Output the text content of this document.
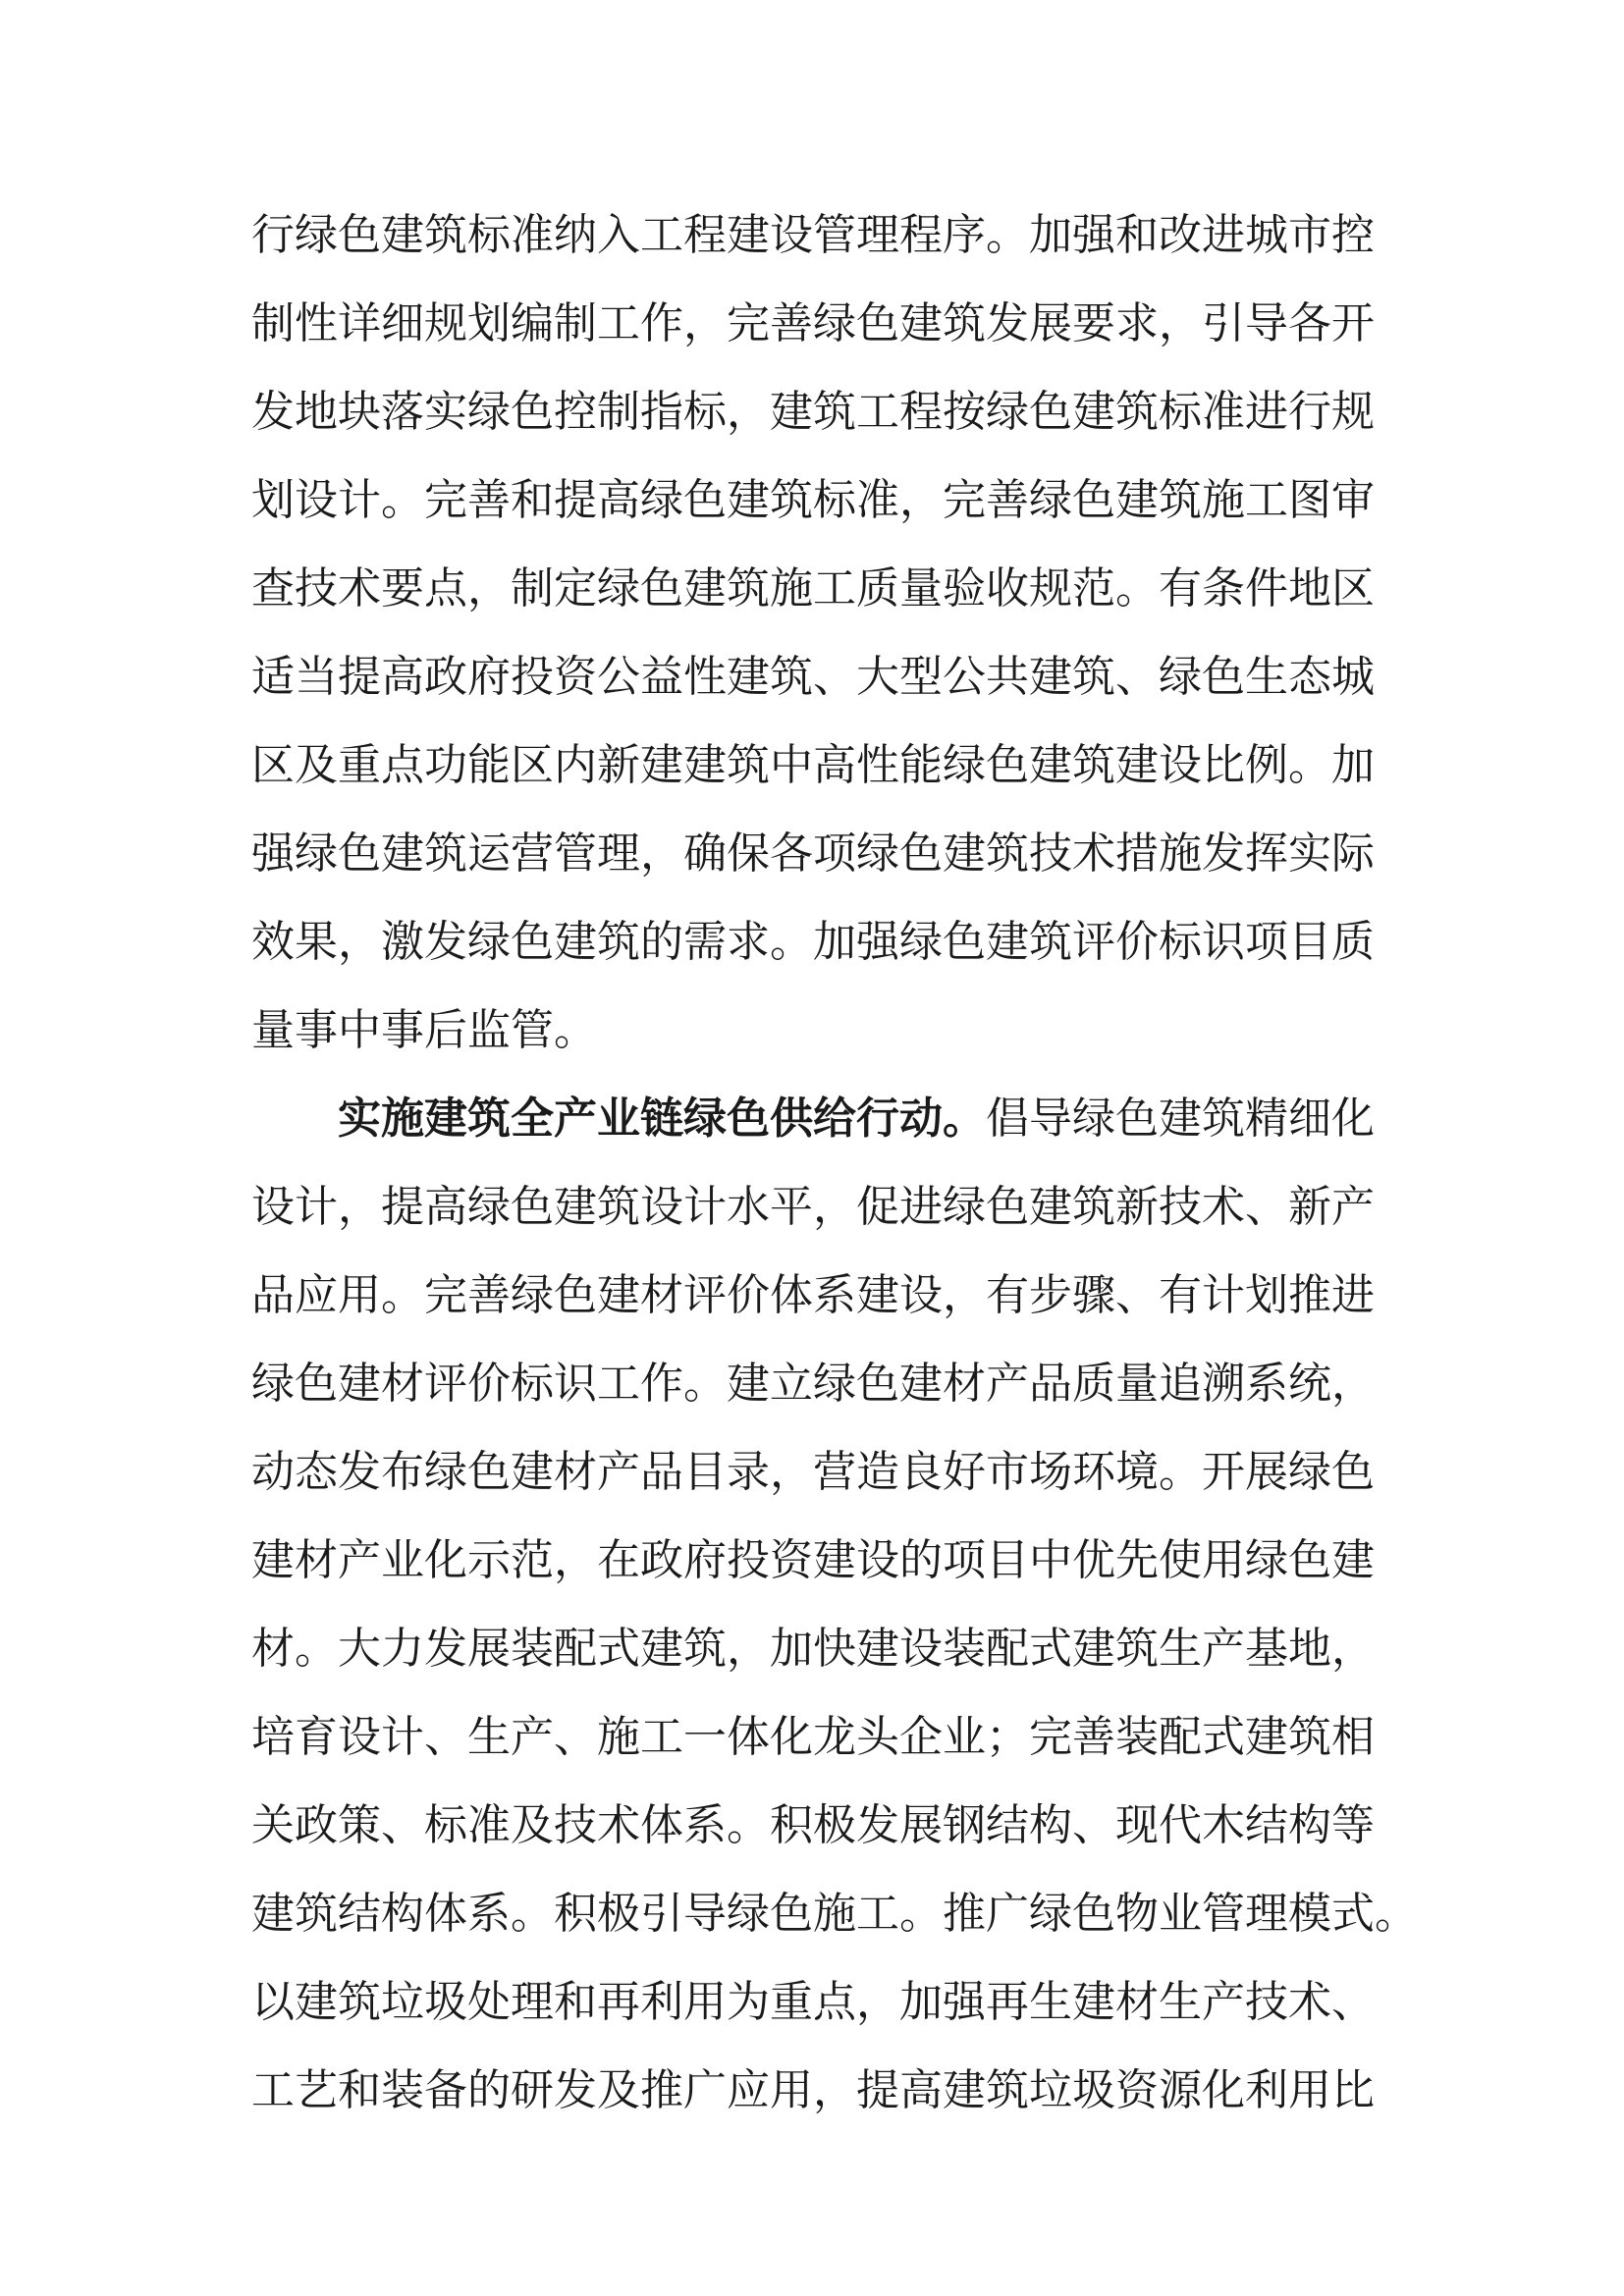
行绿色建筑标准纳入工程建设管理程序。加强和改进城市控
制性详细规划编制工作，完善绿色建筑发展要求，引导各开
发地块落实绿色控制指标，建筑工程按绿色建筑标准进行规
划设计。完善和提高绿色建筑标准，完善绿色建筑施工图审
查技术要点，制定绿色建筑施工质量验收规范。有条件地区
适当提高政府投资公益性建筑、大型公共建筑、绿色生态城
区及重点功能区内新建建筑中高性能绿色建筑建设比例。加
强绿色建筑运营管理，确保各项绿色建筑技术措施发挥实际
效果，激发绿色建筑的需求。加强绿色建筑评价标识项目质
量事中事后监管。
实施建筑全产业链绿色供给行动。倡导绿色建筑精细化
设计，提高绿色建筑设计水平，促进绿色建筑新技术、新产
品应用。完善绿色建材评价体系建设，有步骤、有计划推进
绿色建材评价标识工作。建立绿色建材产品质量追溯系统，
动态发布绿色建材产品目录，营造良好市场环境。开展绿色
建材产业化示范，在政府投资建设的项目中优先使用绿色建
材。大力发展装配式建筑，加快建设装配式建筑生产基地，
培育设计、生产、施工一体化龙头企业；完善装配式建筑相
关政策、标准及技术体系。积极发展钢结构、现代木结构等
建筑结构体系。积极引导绿色施工。推广绿色物业管理模式。
以建筑垃圾处理和再利用为重点，加强再生建材生产技术、
工艺和装备的研发及推广应用，提高建筑垃圾资源化利用比
